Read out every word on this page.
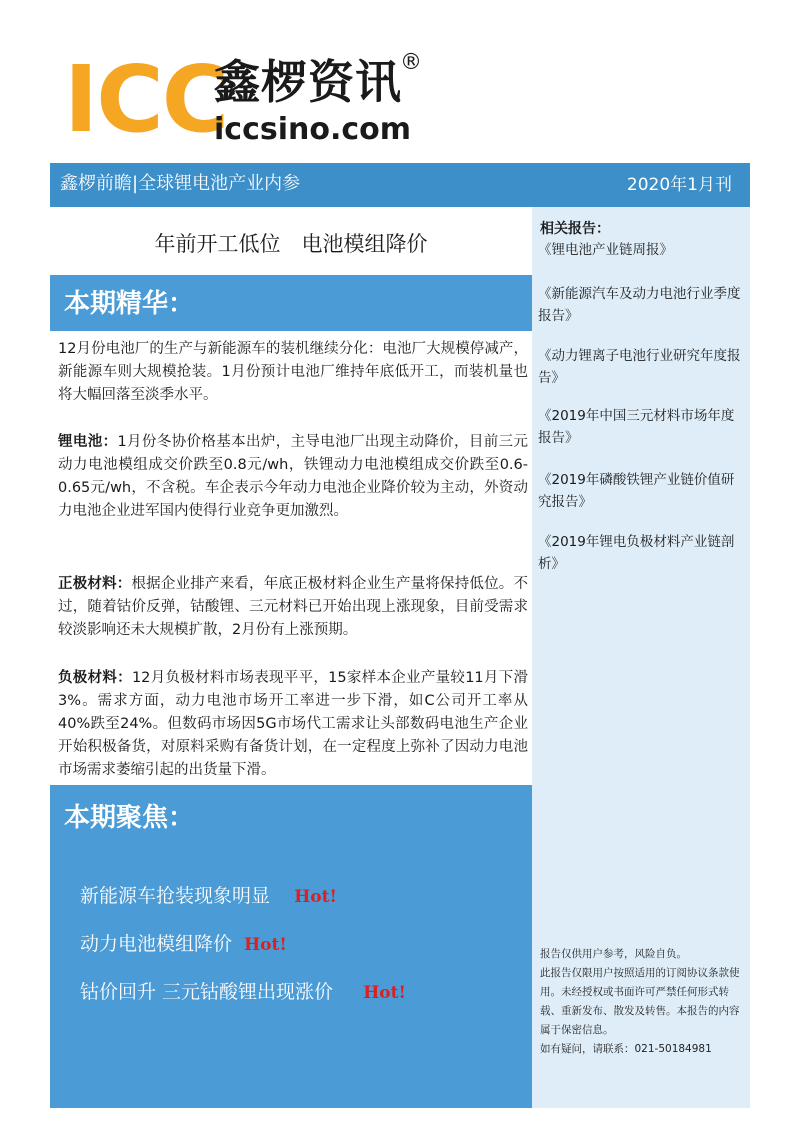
ICC
鑫椤资讯
®
iccsino.com
鑫椤前瞻|全球锂电池产业内参	2020年1月刊
年前开工低位　电池模组降价
本期精华：

12月份电池厂的生产与新能源车的装机继续分化：电池厂大规模停减产，新能源车则大规模抢装。1月份预计电池厂维持年底低开工，而装机量也将大幅回落至淡季水平。

锂电池：1月份冬协价格基本出炉，主导电池厂出现主动降价，目前三元动力电池模组成交价跌至0.8元/wh，铁锂动力电池模组成交价跌至0.6-0.65元/wh，不含税。车企表示今年动力电池企业降价较为主动，外资动力电池企业进军国内使得行业竞争更加激烈。

正极材料：根据企业排产来看，年底正极材料企业生产量将保持低位。不过，随着钴价反弹，钴酸锂、三元材料已开始出现上涨现象，目前受需求较淡影响还未大规模扩散，2月份有上涨预期。

负极材料：12月负极材料市场表现平平，15家样本企业产量较11月下滑3%。需求方面，动力电池市场开工率进一步下滑，如C公司开工率从40%跌至24%。但数码市场因5G市场代工需求让头部数码电池生产企业开始积极备货，对原料采购有备货计划，在一定程度上弥补了因动力电池市场需求萎缩引起的出货量下滑。

本期聚焦：
新能源车抢装现象明显 Hot!
动力电池模组降价 Hot!
钴价回升 三元钴酸锂出现涨价 Hot!
相关报告：
《锂电池产业链周报》
《新能源汽车及动力电池行业季度报告》
《动力锂离子电池行业研究年度报告》
《2019年中国三元材料市场年度报告》
《2019年磷酸铁锂产业链价值研究报告》
《2019年锂电负极材料产业链剖析》
报告仅供用户参考，风险自负。
此报告仅限用户按照适用的订阅协议条款使用。未经授权或书面许可严禁任何形式转载、重新发布、散发及转售。本报告的内容属于保密信息。
如有疑问，请联系：021-50184981
